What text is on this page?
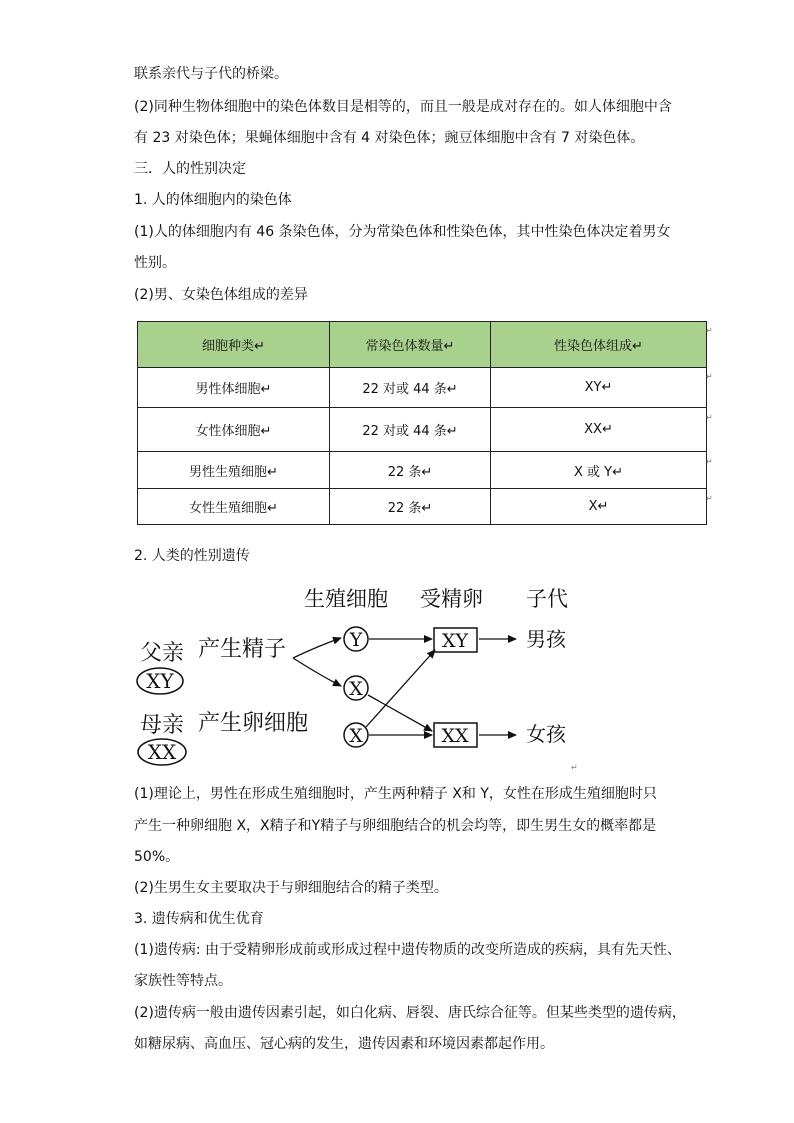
联系亲代与子代的桥梁。
(2)同种生物体细胞中的染色体数目是相等的，而且一般是成对存在的。如人体细胞中含
有 23 对染色体；果蝇体细胞中含有 4 对染色体；豌豆体细胞中含有 7 对染色体。
三．人的性别决定
1. 人的体细胞内的染色体
(1)人的体细胞内有 46 条染色体，分为常染色体和性染色体，其中性染色体决定着男女
性别。
(2)男、女染色体组成的差异
细胞种类↵	常染色体数量↵	性染色体组成↵
男性体细胞↵	22 对或 44 条↵	XY↵
女性体细胞↵	22 对或 44 条↵	XX↵
男性生殖细胞↵	22 条↵	X 或 Y↵
女性生殖细胞↵	22 条↵	X↵
↵
↵
↵
↵
↵
2. 人类的性别遗传
生殖细胞 受精卵 子代
父亲 产生精子
XY
母亲 产生卵细胞
XX
Y
X
X
XY
XX
男孩
女孩
↵
(1)理论上，男性在形成生殖细胞时，产生两种精子 X和 Y，女性在形成生殖细胞时只
产生一种卵细胞 X，X精子和Y精子与卵细胞结合的机会均等，即生男生女的概率都是
50%。
(2)生男生女主要取决于与卵细胞结合的精子类型。
3. 遗传病和优生优育
(1)遗传病: 由于受精卵形成前或形成过程中遗传物质的改变所造成的疾病，具有先天性、
家族性等特点。
(2)遗传病一般由遗传因素引起，如白化病、唇裂、唐氏综合征等。但某些类型的遗传病，
如糖尿病、高血压、冠心病的发生，遗传因素和环境因素都起作用。
